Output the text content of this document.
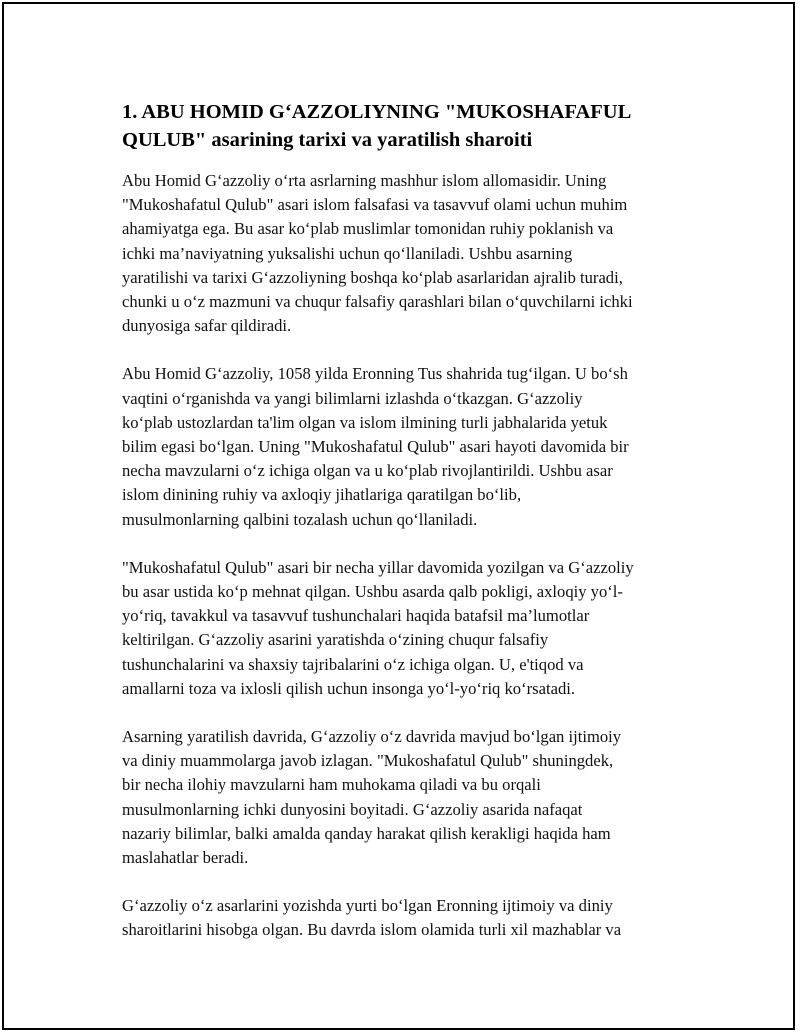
1. ABU HOMID G‘AZZOLIYNING "MUKOSHAFAFUL
QULUB" asarining tarixi va yaratilish sharoiti

Abu Homid G‘azzoliy o‘rta asrlarning mashhur islom allomasidir. Uning
"Mukoshafatul Qulub" asari islom falsafasi va tasavvuf olami uchun muhim
ahamiyatga ega. Bu asar ko‘plab muslimlar tomonidan ruhiy poklanish va
ichki ma’naviyatning yuksalishi uchun qo‘llaniladi. Ushbu asarning
yaratilishi va tarixi G‘azzoliyning boshqa ko‘plab asarlaridan ajralib turadi,
chunki u o‘z mazmuni va chuqur falsafiy qarashlari bilan o‘quvchilarni ichki
dunyosiga safar qildiradi.

Abu Homid G‘azzoliy, 1058 yilda Eronning Tus shahrida tug‘ilgan. U bo‘sh
vaqtini o‘rganishda va yangi bilimlarni izlashda o‘tkazgan. G‘azzoliy
ko‘plab ustozlardan ta'lim olgan va islom ilmining turli jabhalarida yetuk
bilim egasi bo‘lgan. Uning "Mukoshafatul Qulub" asari hayoti davomida bir
necha mavzularni o‘z ichiga olgan va u ko‘plab rivojlantirildi. Ushbu asar
islom dinining ruhiy va axloqiy jihatlariga qaratilgan bo‘lib,
musulmonlarning qalbini tozalash uchun qo‘llaniladi.

"Mukoshafatul Qulub" asari bir necha yillar davomida yozilgan va G‘azzoliy
bu asar ustida ko‘p mehnat qilgan. Ushbu asarda qalb pokligi, axloqiy yo‘l-
yo‘riq, tavakkul va tasavvuf tushunchalari haqida batafsil ma’lumotlar
keltirilgan. G‘azzoliy asarini yaratishda o‘zining chuqur falsafiy
tushunchalarini va shaxsiy tajribalarini o‘z ichiga olgan. U, e'tiqod va
amallarni toza va ixlosli qilish uchun insonga yo‘l-yo‘riq ko‘rsatadi.

Asarning yaratilish davrida, G‘azzoliy o‘z davrida mavjud bo‘lgan ijtimoiy
va diniy muammolarga javob izlagan. "Mukoshafatul Qulub" shuningdek,
bir necha ilohiy mavzularni ham muhokama qiladi va bu orqali
musulmonlarning ichki dunyosini boyitadi. G‘azzoliy asarida nafaqat
nazariy bilimlar, balki amalda qanday harakat qilish kerakligi haqida ham
maslahatlar beradi.

G‘azzoliy o‘z asarlarini yozishda yurti bo‘lgan Eronning ijtimoiy va diniy
sharoitlarini hisobga olgan. Bu davrda islom olamida turli xil mazhablar va
